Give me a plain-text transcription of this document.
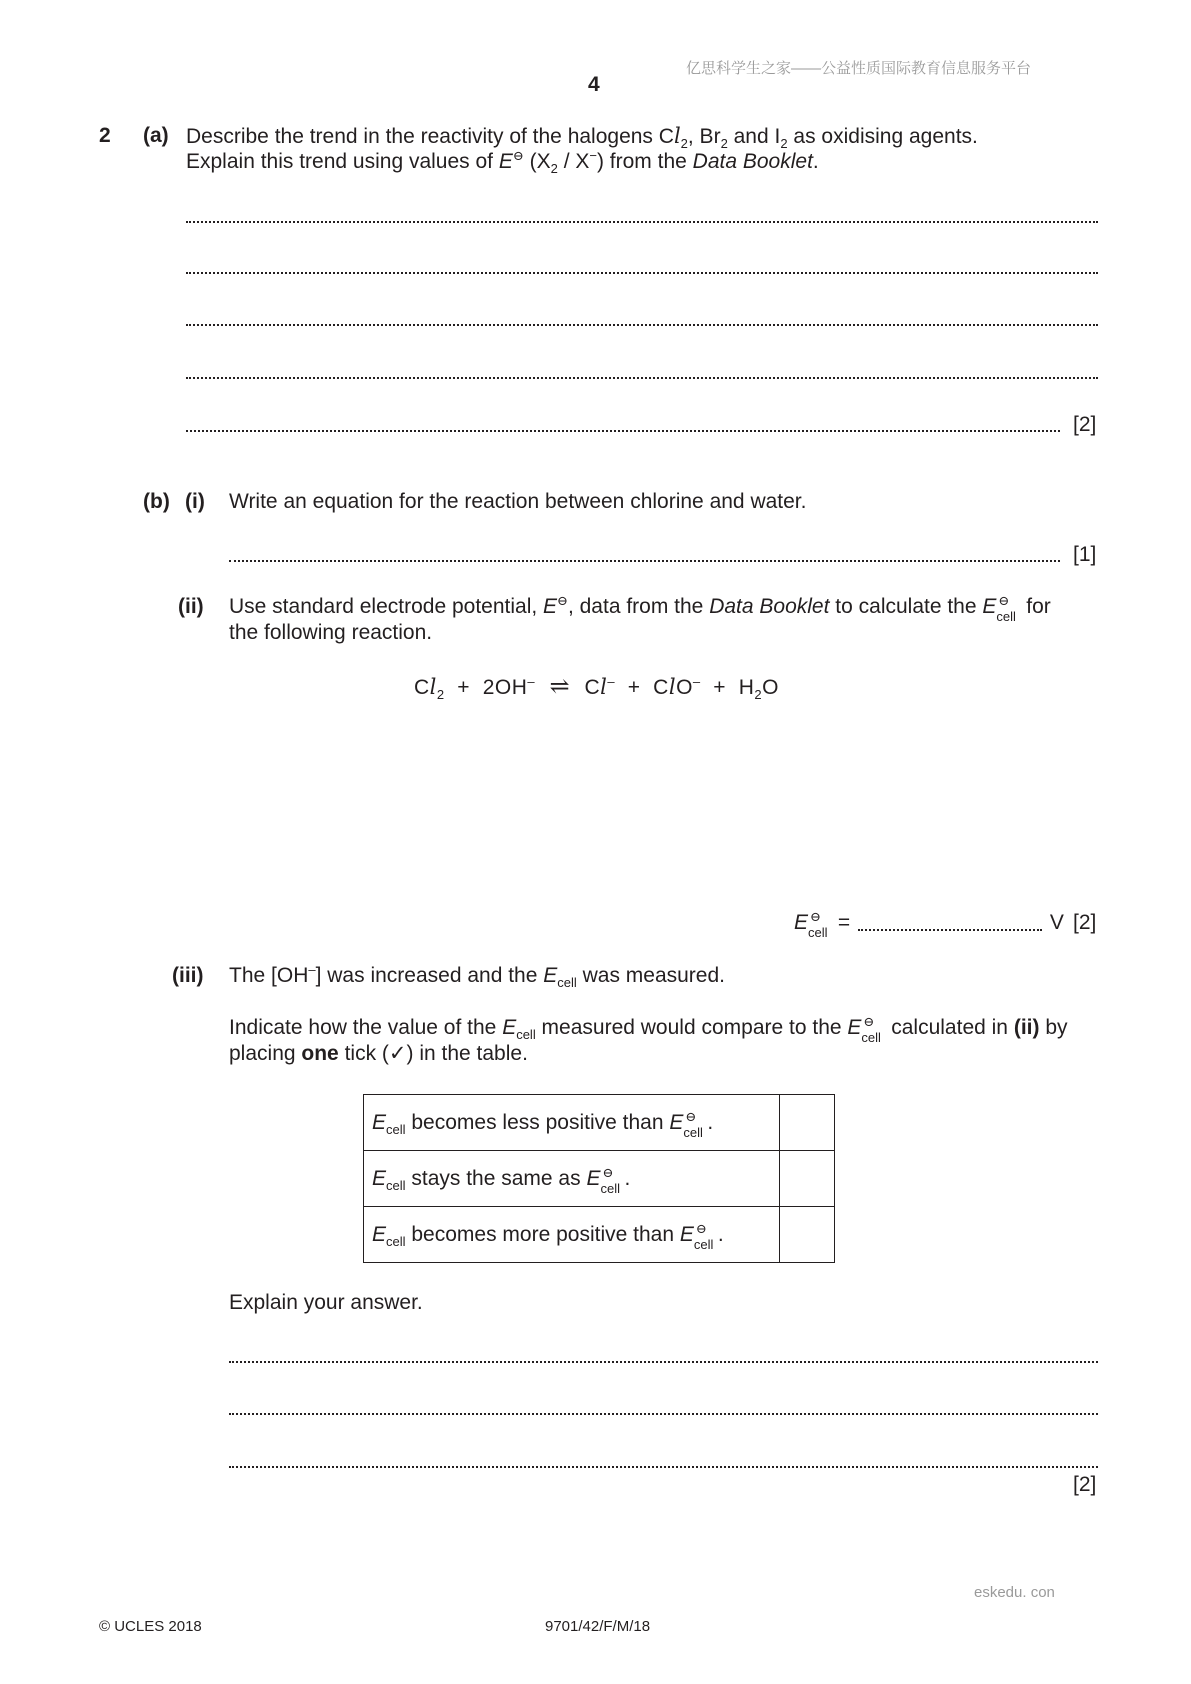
亿思科学生之家——公益性质国际教育信息服务平台
4
2 (a) Describe the trend in the reactivity of the halogens $Cl_2$, $Br_2$ and $I_2$ as oxidising agents.
Explain this trend using values of E⊖ $(X_2 / X^-)$ from the Data Booklet.
[2]
(b) (i) Write an equation for the reaction between chlorine and water.
[1]
(ii) Use standard electrode potential, E⊖, data from the Data Booklet to calculate the E ⊖
cell for
the following reaction.
$Cl_2 + 2OH^-$ ⇌ $Cl^- + ClO^- + H_2O$
E ⊖
cell =	V [2]
(iii) The [OH–] was increased and the $E_{cell}$ was measured.
Indicate how the value of the $E_{cell}$ measured would compare to the E ⊖
cell calculated in (ii) by
placing one tick (✓) in the table.
$E_{cell}$ becomes less positive than E ⊖
cell .	
$E_{cell}$ stays the same as E ⊖
cell .	
$E_{cell}$ becomes more positive than E ⊖
cell .	
Explain your answer.
[2]
eskedu. con
© UCLES 2018	9701/42/F/M/18
